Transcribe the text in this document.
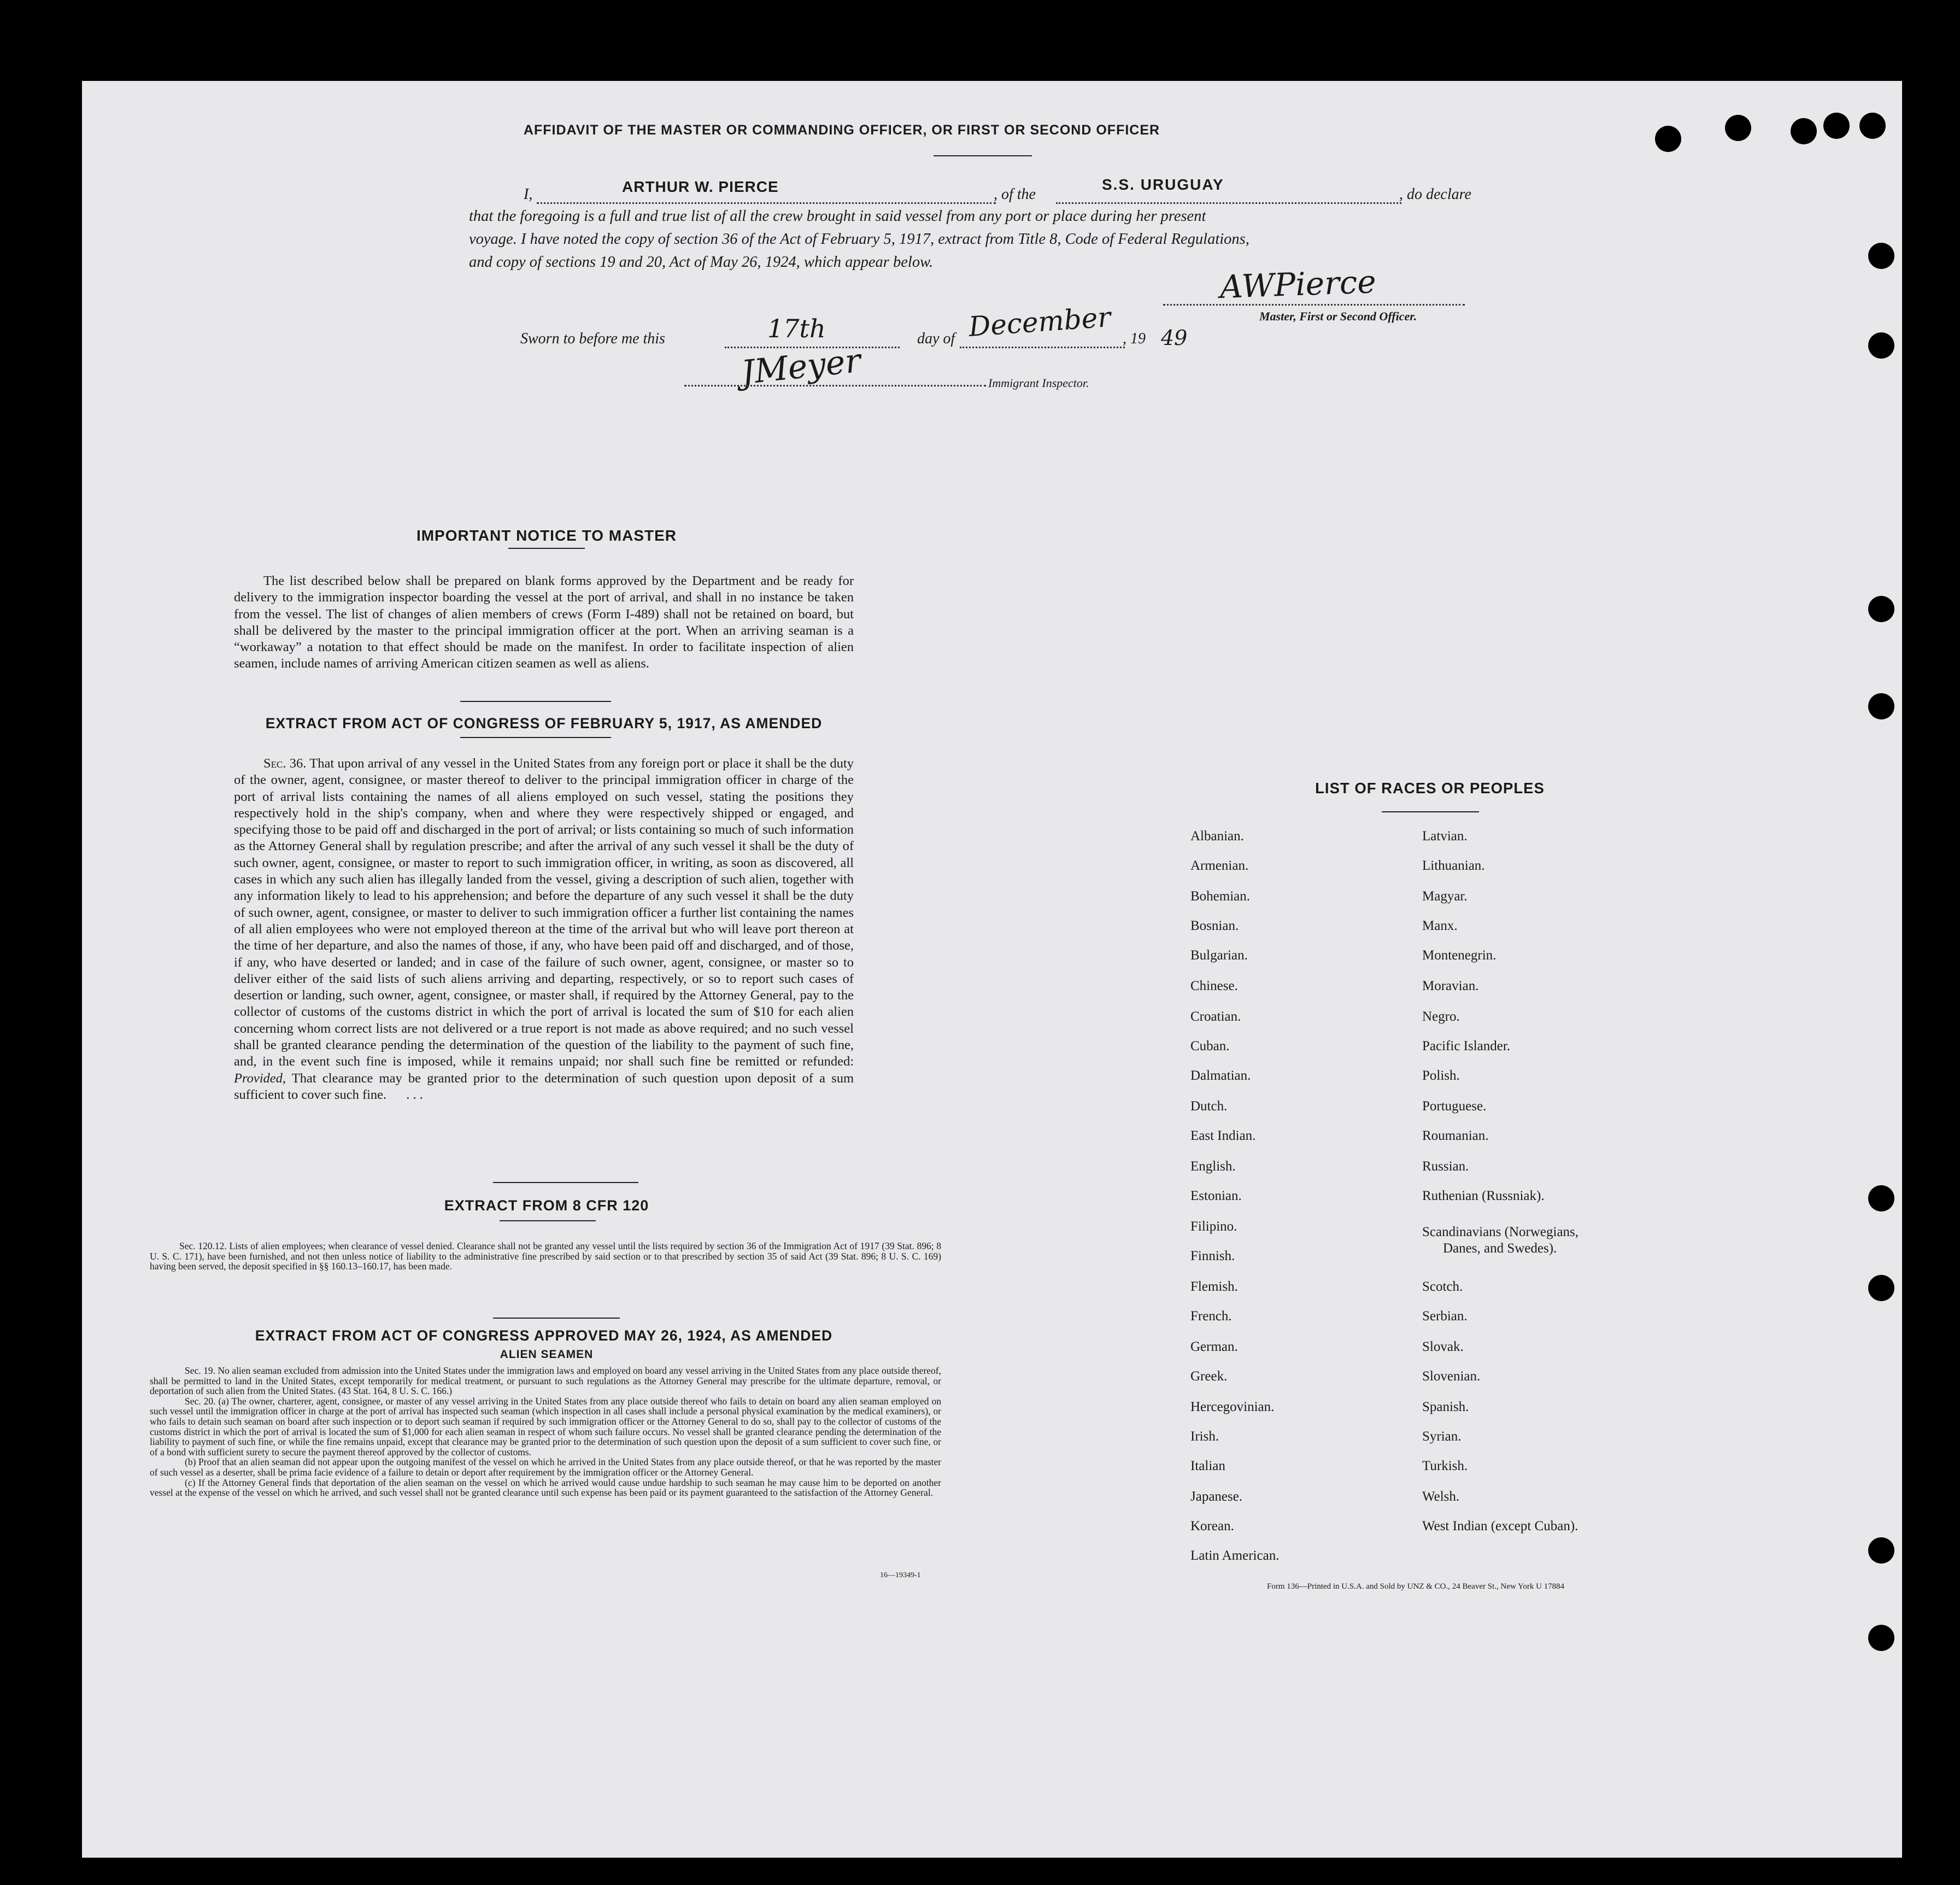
AFFIDAVIT OF THE MASTER OR COMMANDING OFFICER, OR FIRST OR SECOND OFFICER
I,	ARTHUR W. PIERCE	, of the
S.S. URUGUAY
, do declare
that the foregoing is a full and true list of all the crew brought in said vessel from any port or place during her present
voyage. I have noted the copy of section 36 of the Act of February 5, 1917, extract from Title 8, Code of Federal Regulations,
and copy of sections 19 and 20, Act of May 26, 1924, which appear below.
AWPierce
Master, First or Second Officer.
Sworn to before me this	17th	day of December , 19 49
JMeyer	Immigrant Inspector.
IMPORTANT NOTICE TO MASTER
The list described below shall be prepared on blank forms approved by the Department and be ready for delivery to the immigration inspector boarding the vessel at the port of arrival, and shall in no instance be taken from the vessel. The list of changes of alien members of crews (Form I-489) shall not be retained on board, but shall be delivered by the master to the principal immigration officer at the port. When an arriving seaman is a “workaway” a notation to that effect should be made on the manifest. In order to facilitate inspection of alien seamen, include names of arriving American citizen seamen as well as aliens.
EXTRACT FROM ACT OF CONGRESS OF FEBRUARY 5, 1917, AS AMENDED
Sec. 36. That upon arrival of any vessel in the United States from any foreign port or place it shall be the duty of the owner, agent, consignee, or master thereof to deliver to the principal immigration officer in charge of the port of arrival lists containing the names of all aliens employed on such vessel, stating the positions they respectively hold in the ship's company, when and where they were respectively shipped or engaged, and specifying those to be paid off and discharged in the port of arrival; or lists containing so much of such information as the Attorney General shall by regulation prescribe; and after the arrival of any such vessel it shall be the duty of such owner, agent, consignee, or master to report to such immigration officer, in writing, as soon as discovered, all cases in which any such alien has illegally landed from the vessel, giving a description of such alien, together with any information likely to lead to his apprehension; and before the departure of any such vessel it shall be the duty of such owner, agent, consignee, or master to deliver to such immigration officer a further list containing the names of all alien employees who were not employed thereon at the time of the arrival but who will leave port thereon at the time of her departure, and also the names of those, if any, who have been paid off and discharged, and of those, if any, who have deserted or landed; and in case of the failure of such owner, agent, consignee, or master so to deliver either of the said lists of such aliens arriving and departing, respectively, or so to report such cases of desertion or landing, such owner, agent, consignee, or master shall, if required by the Attorney General, pay to the collector of customs of the customs district in which the port of arrival is located the sum of $10 for each alien concerning whom correct lists are not delivered or a true report is not made as above required; and no such vessel shall be granted clearance pending the determination of the question of the liability to the payment of such fine, and, in the event such fine is imposed, while it remains unpaid; nor shall such fine be remitted or refunded: Provided, That clearance may be granted prior to the determination of such question upon deposit of a sum sufficient to cover such fine. . . .
EXTRACT FROM 8 CFR 120
Sec. 120.12. Lists of alien employees; when clearance of vessel denied. Clearance shall not be granted any vessel until the lists required by section 36 of the Immigration Act of 1917 (39 Stat. 896; 8 U. S. C. 171), have been furnished, and not then unless notice of liability to the administrative fine prescribed by said section or to that prescribed by section 35 of said Act (39 Stat. 896; 8 U. S. C. 169) having been served, the deposit specified in §§ 160.13–160.17, has been made.
EXTRACT FROM ACT OF CONGRESS APPROVED MAY 26, 1924, AS AMENDED
ALIEN SEAMEN
Sec. 19. No alien seaman excluded from admission into the United States under the immigration laws and employed on board any vessel arriving in the United States from any place outside thereof, shall be permitted to land in the United States, except temporarily for medical treatment, or pursuant to such regulations as the Attorney General may prescribe for the ultimate departure, removal, or deportation of such alien from the United States. (43 Stat. 164, 8 U. S. C. 166.)
Sec. 20. (a) The owner, charterer, agent, consignee, or master of any vessel arriving in the United States from any place outside thereof who fails to detain on board any alien seaman employed on such vessel until the immigration officer in charge at the port of arrival has inspected such seaman (which inspection in all cases shall include a personal physical examination by the medical examiners), or who fails to detain such seaman on board after such inspection or to deport such seaman if required by such immigration officer or the Attorney General to do so, shall pay to the collector of customs of the customs district in which the port of arrival is located the sum of $1,000 for each alien seaman in respect of whom such failure occurs. No vessel shall be granted clearance pending the determination of the liability to payment of such fine, or while the fine remains unpaid, except that clearance may be granted prior to the determination of such question upon the deposit of a sum sufficient to cover such fine, or of a bond with sufficient surety to secure the payment thereof approved by the collector of customs.
(b) Proof that an alien seaman did not appear upon the outgoing manifest of the vessel on which he arrived in the United States from any place outside thereof, or that he was reported by the master of such vessel as a deserter, shall be prima facie evidence of a failure to detain or deport after requirement by the immigration officer or the Attorney General.
(c) If the Attorney General finds that deportation of the alien seaman on the vessel on which he arrived would cause undue hardship to such seaman he may cause him to be deported on another vessel at the expense of the vessel on which he arrived, and such vessel shall not be granted clearance until such expense has been paid or its payment guaranteed to the satisfaction of the Attorney General.
16—19349-1
LIST OF RACES OR PEOPLES
Albanian.
Armenian.
Bohemian.
Bosnian.
Bulgarian.
Chinese.
Croatian.
Cuban.
Dalmatian.
Dutch.
East Indian.
English.
Estonian.
Filipino.
Finnish.
Flemish.
French.
German.
Greek.
Hercegovinian.
Irish.
Italian
Japanese.
Korean.
Latin American.
Latvian.
Lithuanian.
Magyar.
Manx.
Montenegrin.
Moravian.
Negro.
Pacific Islander.
Polish.
Portuguese.
Roumanian.
Russian.
Ruthenian (Russniak).
Scandinavians (Norwegians,
Danes, and Swedes).
Scotch.
Serbian.
Slovak.
Slovenian.
Spanish.
Syrian.
Turkish.
Welsh.
West Indian (except Cuban).
Form 136—Printed in U.S.A. and Sold by UNZ & CO., 24 Beaver St., New York U 17884
